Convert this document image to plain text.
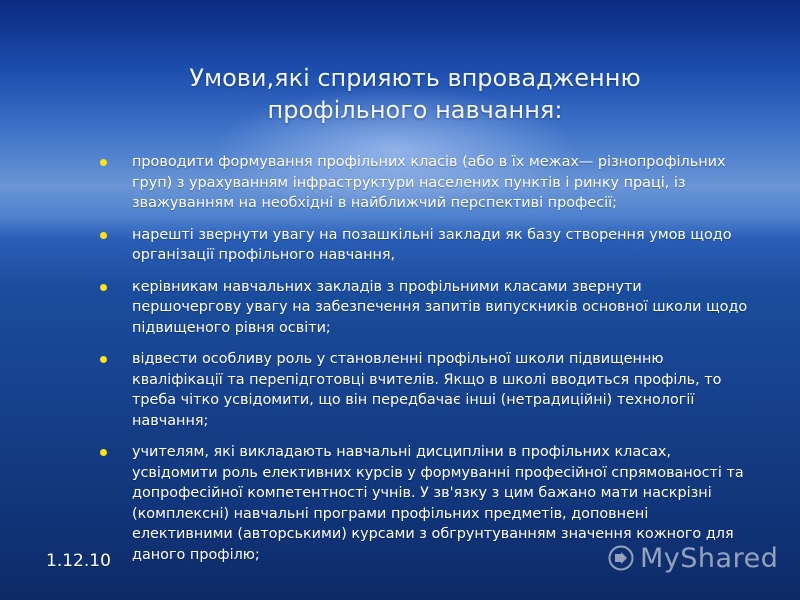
Умови,які сприяють впровадженню
профільного навчання:
проводити формування профільних класів (або в їх межах— різнопрофільних груп) з урахуванням інфраструктури населених пунктів і ринку праці, із зважуванням на необхідні в найближчий перспективі професії;
нарешті звернути увагу на позашкільні заклади як базу створення умов щодо організації профільного навчання,
керівникам навчальних закладів з профільними класами звернути першочергову увагу на забезпечення запитів випускників основної школи щодо підвищеного рівня освіти;
відвести особливу роль у становленні профільної школи підвищенню кваліфікації та перепідготовці вчителів. Якщо в школі вводиться профіль, то треба чітко усвідомити, що він передбачає інші (нетрадиційні) технології навчання;
учителям, які викладають навчальні дисципліни в профільних класах, усвідомити роль елективних курсів у формуванні професійної спрямованості та допрофесійної компетентності учнів. У зв'язку з цим бажано мати наскрізні (комплексні) навчальні програми профільних предметів, доповнені елективними (авторськими) курсами з обгрунтуванням значення кожного для даного профілю;
1.12.10	MyShared
